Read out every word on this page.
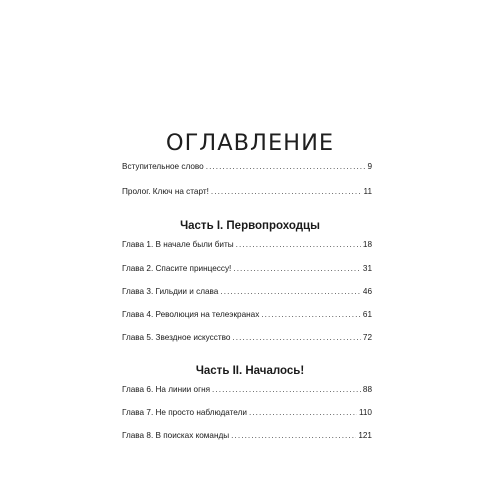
ОГЛАВЛЕНИЕ
Вступительное слово . . .	9
Пролог. Ключ на старт! . . .	11
Часть I. Первопроходцы
Глава 1. В начале были биты . . .	18
Глава 2. Спасите принцессу! . . .	31
Глава 3. Гильдии и слава . . .	46
Глава 4. Революция на телеэкранах . . .	61
Глава 5. Звездное искусство . . .	72
Часть II. Началось!
Глава 6. На линии огня . . .	88
Глава 7. Не просто наблюдатели . . .	110
Глава 8. В поисках команды . . .	121
